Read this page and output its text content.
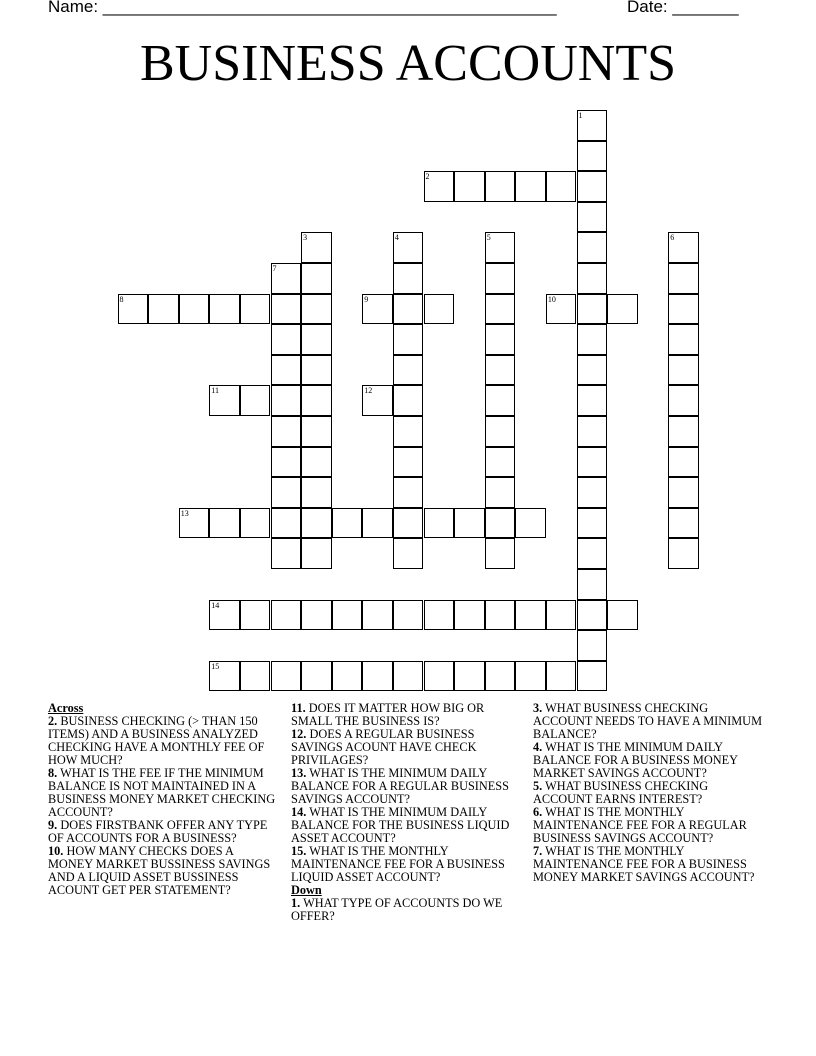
Name: ________________________________________________	Date: _______
BUSINESS ACCOUNTS
1
2
3	4	5	6
7
8	9	10
11	12
13
14
15

Across

2. BUSINESS CHECKING (> THAN 150 ITEMS) AND A BUSINESS ANALYZED CHECKING HAVE A MONTHLY FEE OF HOW MUCH?

8. WHAT IS THE FEE IF THE MINIMUM BALANCE IS NOT MAINTAINED IN A BUSINESS MONEY MARKET CHECKING ACCOUNT?

9. DOES FIRSTBANK OFFER ANY TYPE OF ACCOUNTS FOR A BUSINESS?

10. HOW MANY CHECKS DOES A MONEY MARKET BUSSINESS SAVINGS AND A LIQUID ASSET BUSSINESS ACOUNT GET PER STATEMENT?

11. DOES IT MATTER HOW BIG OR SMALL THE BUSINESS IS?

12. DOES A REGULAR BUSINESS SAVINGS ACOUNT HAVE CHECK PRIVILAGES?

13. WHAT IS THE MINIMUM DAILY BALANCE FOR A REGULAR BUSINESS SAVINGS ACCOUNT?

14. WHAT IS THE MINIMUM DAILY BALANCE FOR THE BUSINESS LIQUID ASSET ACCOUNT?

15. WHAT IS THE MONTHLY MAINTENANCE FEE FOR A BUSINESS LIQUID ASSET ACCOUNT?

Down

1. WHAT TYPE OF ACCOUNTS DO WE OFFER?

3. WHAT BUSINESS CHECKING ACCOUNT NEEDS TO HAVE A MINIMUM BALANCE?

4. WHAT IS THE MINIMUM DAILY BALANCE FOR A BUSINESS MONEY MARKET SAVINGS ACCOUNT?

5. WHAT BUSINESS CHECKING ACCOUNT EARNS INTEREST?

6. WHAT IS THE MONTHLY MAINTENANCE FEE FOR A REGULAR BUSINESS SAVINGS ACCOUNT?

7. WHAT IS THE MONTHLY MAINTENANCE FEE FOR A BUSINESS MONEY MARKET SAVINGS ACCOUNT?
